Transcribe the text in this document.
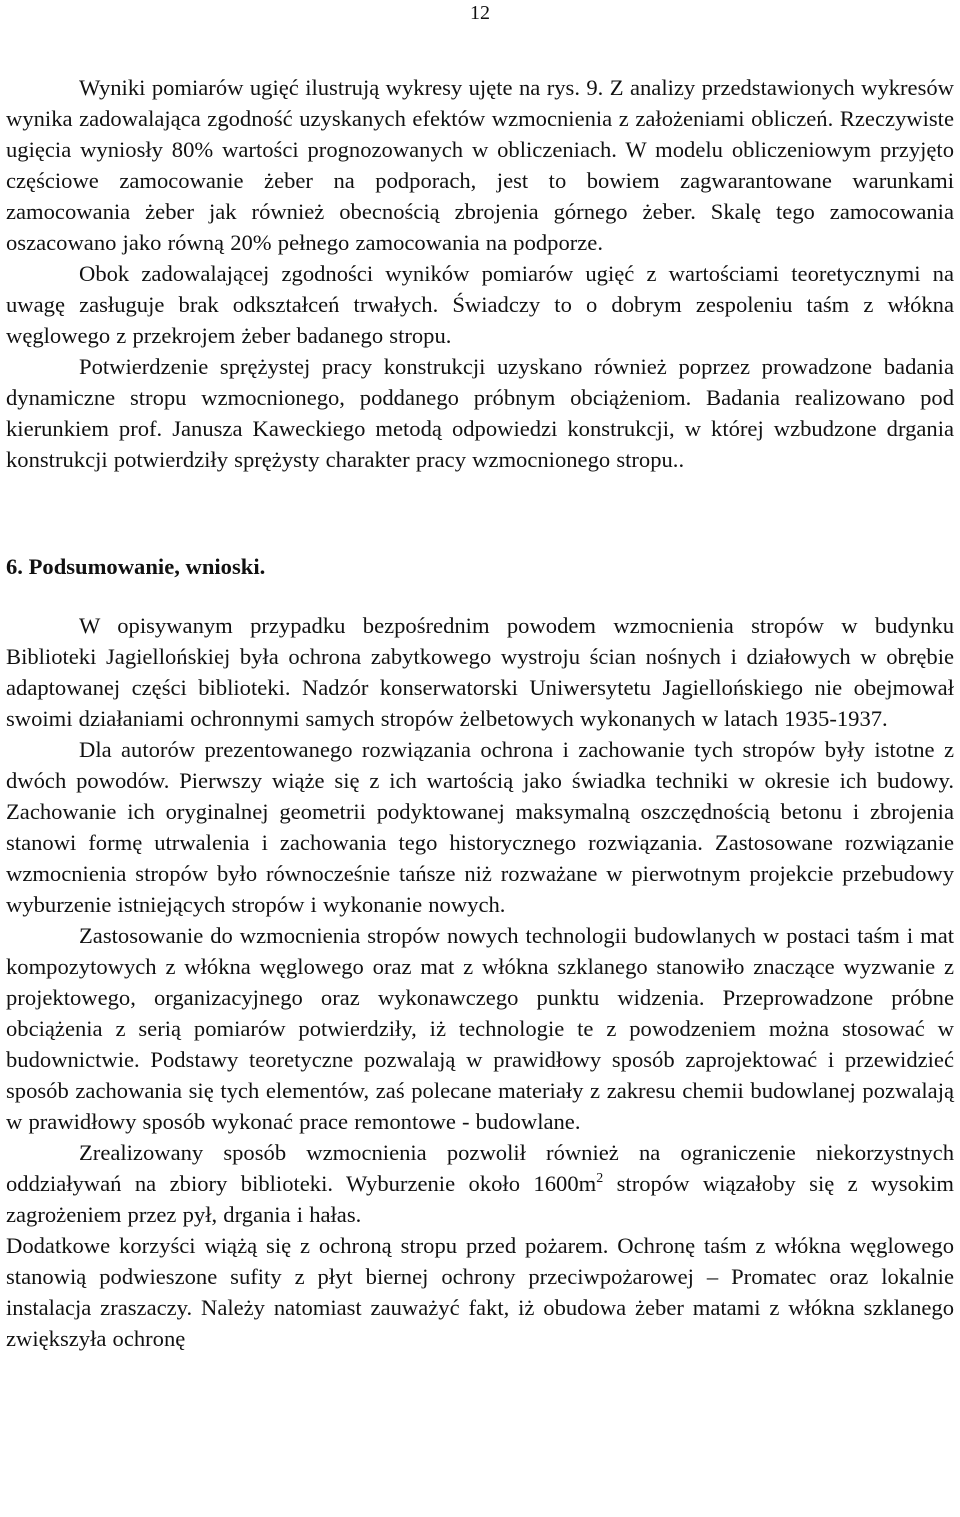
12

Wyniki pomiarów ugięć ilustrują wykresy ujęte na rys. 9. Z analizy przedstawionych wykresów wynika zadowalająca zgodność uzyskanych efektów wzmocnienia z założeniami obliczeń. Rzeczywiste ugięcia wyniosły 80% wartości prognozowanych w obliczeniach. W modelu obliczeniowym przyjęto częściowe zamocowanie żeber na podporach, jest to bowiem zagwarantowane warunkami zamocowania żeber jak również obecnością zbrojenia górnego żeber. Skalę tego zamocowania oszacowano jako równą 20% pełnego zamocowania na podporze.

Obok zadowalającej zgodności wyników pomiarów ugięć z wartościami teoretycznymi na uwagę zasługuje brak odkształceń trwałych. Świadczy to o dobrym zespoleniu taśm z włókna węglowego z przekrojem żeber badanego stropu.

Potwierdzenie sprężystej pracy konstrukcji uzyskano również poprzez prowadzone badania dynamiczne stropu wzmocnionego, poddanego próbnym obciążeniom. Badania realizowano pod kierunkiem prof. Janusza Kaweckiego metodą odpowiedzi konstrukcji, w której wzbudzone drgania konstrukcji potwierdziły sprężysty charakter pracy wzmocnionego stropu..

6. Podsumowanie, wnioski.

W opisywanym przypadku bezpośrednim powodem wzmocnienia stropów w budynku Biblioteki Jagiellońskiej była ochrona zabytkowego wystroju ścian nośnych i działowych w obrębie adaptowanej części biblioteki. Nadzór konserwatorski Uniwersytetu Jagiellońskiego nie obejmował swoimi działaniami ochronnymi samych stropów żelbetowych wykonanych w latach 1935-1937.

Dla autorów prezentowanego rozwiązania ochrona i zachowanie tych stropów były istotne z dwóch powodów. Pierwszy wiąże się z ich wartością jako świadka techniki w okresie ich budowy. Zachowanie ich oryginalnej geometrii podyktowanej maksymalną oszczędnością betonu i zbrojenia stanowi formę utrwalenia i zachowania tego historycznego rozwiązania. Zastosowane rozwiązanie wzmocnienia stropów było równocześnie tańsze niż rozważane w pierwotnym projekcie przebudowy wyburzenie istniejących stropów i wykonanie nowych.

Zastosowanie do wzmocnienia stropów nowych technologii budowlanych w postaci taśm i mat kompozytowych z włókna węglowego oraz mat z włókna szklanego stanowiło znaczące wyzwanie z projektowego, organizacyjnego oraz wykonawczego punktu widzenia. Przeprowadzone próbne obciążenia z serią pomiarów potwierdziły, iż technologie te z powodzeniem można stosować w budownictwie. Podstawy teoretyczne pozwalają w prawidłowy sposób zaprojektować i przewidzieć sposób zachowania się tych elementów, zaś polecane materiały z zakresu chemii budowlanej pozwalają w prawidłowy sposób wykonać prace remontowe - budowlane.

Zrealizowany sposób wzmocnienia pozwolił również na ograniczenie niekorzystnych oddziaływań na zbiory biblioteki. Wyburzenie około $1600m^2$ stropów wiązałoby się z wysokim zagrożeniem przez pył, drgania i hałas.

Dodatkowe korzyści wiążą się z ochroną stropu przed pożarem. Ochronę taśm z włókna węglowego stanowią podwieszone sufity z płyt biernej ochrony przeciwpożarowej – Promatec oraz lokalnie instalacja zraszaczy. Należy natomiast zauważyć fakt, iż obudowa żeber matami z włókna szklanego zwiększyła ochronę
